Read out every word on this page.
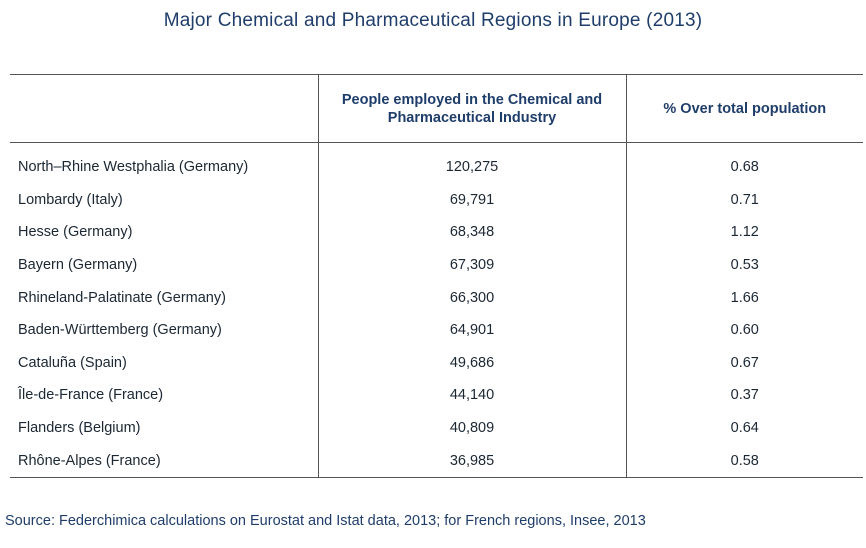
Major Chemical and Pharmaceutical Regions in Europe (2013)
	People employed in the Chemical and Pharmaceutical Industry	% Over total population
North–Rhine Westphalia (Germany)	120,275	0.68
Lombardy (Italy)	69,791	0.71
Hesse (Germany)	68,348	1.12
Bayern (Germany)	67,309	0.53
Rhineland-Palatinate (Germany)	66,300	1.66
Baden-Württemberg (Germany)	64,901	0.60
Cataluña (Spain)	49,686	0.67
Île-de-France (France)	44,140	0.37
Flanders (Belgium)	40,809	0.64
Rhône-Alpes (France)	36,985	0.58
Source: Federchimica calculations on Eurostat and Istat data, 2013; for French regions, Insee, 2013
